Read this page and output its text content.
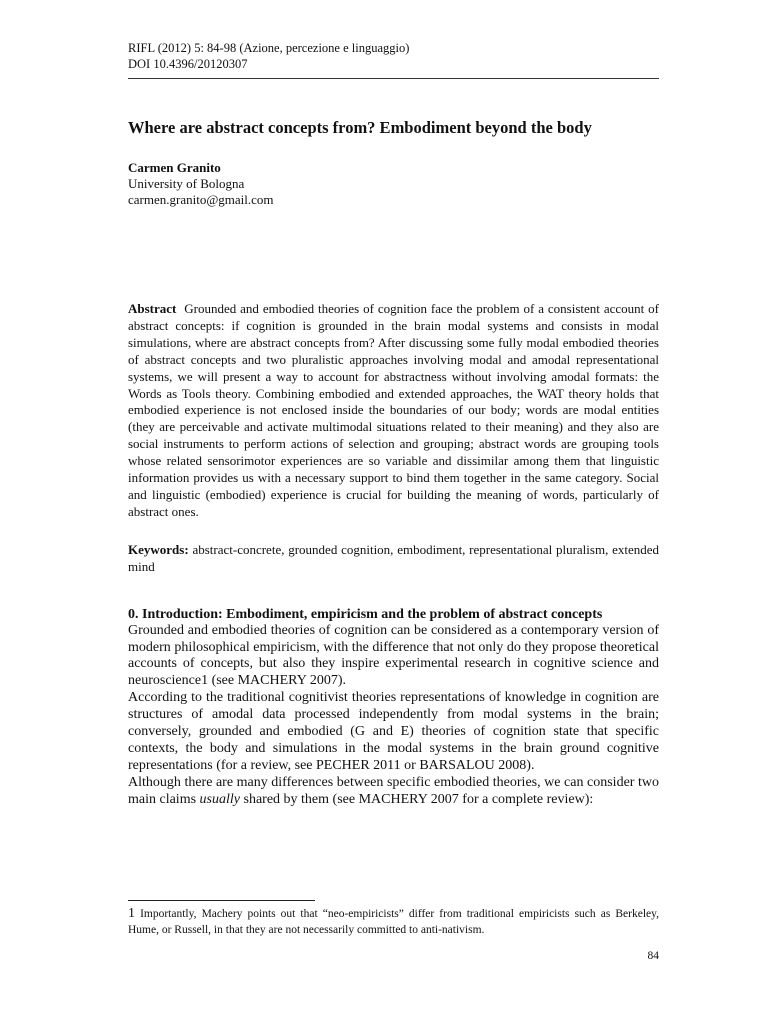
RIFL (2012) 5: 84-98 (Azione, percezione e linguaggio)
DOI 10.4396/20120307
Where are abstract concepts from? Embodiment beyond the body
Carmen Granito
University of Bologna
carmen.granito@gmail.com
Abstract Grounded and embodied theories of cognition face the problem of a consistent account of abstract concepts: if cognition is grounded in the brain modal systems and consists in modal simulations, where are abstract concepts from? After discussing some fully modal embodied theories of abstract concepts and two pluralistic approaches involving modal and amodal representational systems, we will present a way to account for abstractness without involving amodal formats: the Words as Tools theory. Combining embodied and extended approaches, the WAT theory holds that embodied experience is not enclosed inside the boundaries of our body; words are modal entities (they are perceivable and activate multimodal situations related to their meaning) and they also are social instruments to perform actions of selection and grouping; abstract words are grouping tools whose related sensorimotor experiences are so variable and dissimilar among them that linguistic information provides us with a necessary support to bind them together in the same category. Social and linguistic (embodied) experience is crucial for building the meaning of words, particularly of abstract ones.
Keywords: abstract-concrete, grounded cognition, embodiment, representational pluralism, extended mind
0. Introduction: Embodiment, empiricism and the problem of abstract concepts

Grounded and embodied theories of cognition can be considered as a contemporary version of modern philosophical empiricism, with the difference that not only do they propose theoretical accounts of concepts, but also they inspire experimental research in cognitive science and neuroscience1 (see MACHERY 2007).

According to the traditional cognitivist theories representations of knowledge in cognition are structures of amodal data processed independently from modal systems in the brain; conversely, grounded and embodied (G and E) theories of cognition state that specific contexts, the body and simulations in the modal systems in the brain ground cognitive representations (for a review, see PECHER 2011 or BARSALOU 2008).

Although there are many differences between specific embodied theories, we can consider two main claims usually shared by them (see MACHERY 2007 for a complete review):

1 Importantly, Machery points out that “neo-empiricists” differ from traditional empiricists such as Berkeley, Hume, or Russell, in that they are not necessarily committed to anti-nativism.
84
